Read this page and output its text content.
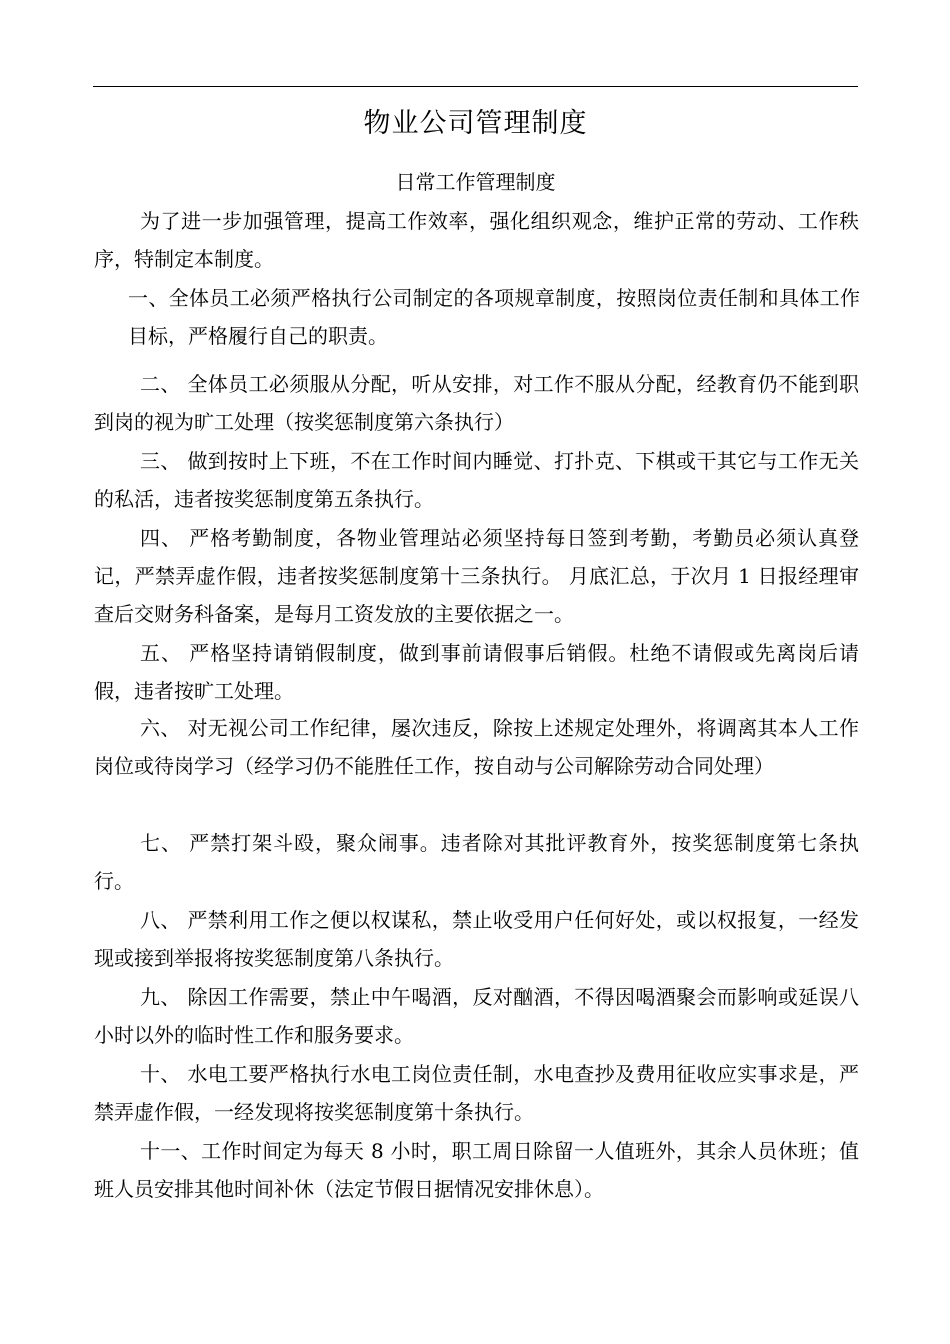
物业公司管理制度
日常工作管理制度
为了进一步加强管理，提高工作效率，强化组织观念，维护正常的劳动、工作秩序，特制定本制度。
一、全体员工必须严格执行公司制定的各项规章制度，按照岗位责任制和具体工作目标，严格履行自己的职责。
二、 全体员工必须服从分配，听从安排，对工作不服从分配，经教育仍不能到职到岗的视为旷工处理（按奖惩制度第六条执行）
三、 做到按时上下班，不在工作时间内睡觉、打扑克、下棋或干其它与工作无关的私活，违者按奖惩制度第五条执行。
四、 严格考勤制度，各物业管理站必须坚持每日签到考勤，考勤员必须认真登记，严禁弄虚作假，违者按奖惩制度第十三条执行。 月底汇总，于次月 1 日报经理审查后交财务科备案，是每月工资发放的主要依据之一。
五、 严格坚持请销假制度，做到事前请假事后销假。杜绝不请假或先离岗后请假，违者按旷工处理。
六、 对无视公司工作纪律，屡次违反，除按上述规定处理外，将调离其本人工作岗位或待岗学习（经学习仍不能胜任工作，按自动与公司解除劳动合同处理）
七、 严禁打架斗殴，聚众闹事。违者除对其批评教育外，按奖惩制度第七条执行。
八、 严禁利用工作之便以权谋私，禁止收受用户任何好处，或以权报复，一经发现或接到举报将按奖惩制度第八条执行。
九、 除因工作需要，禁止中午喝酒，反对酗酒，不得因喝酒聚会而影响或延误八小时以外的临时性工作和服务要求。
十、 水电工要严格执行水电工岗位责任制，水电查抄及费用征收应实事求是，严禁弄虚作假，一经发现将按奖惩制度第十条执行。
十一、工作时间定为每天 8 小时，职工周日除留一人值班外，其余人员休班；值班人员安排其他时间补休（法定节假日据情况安排休息）。
